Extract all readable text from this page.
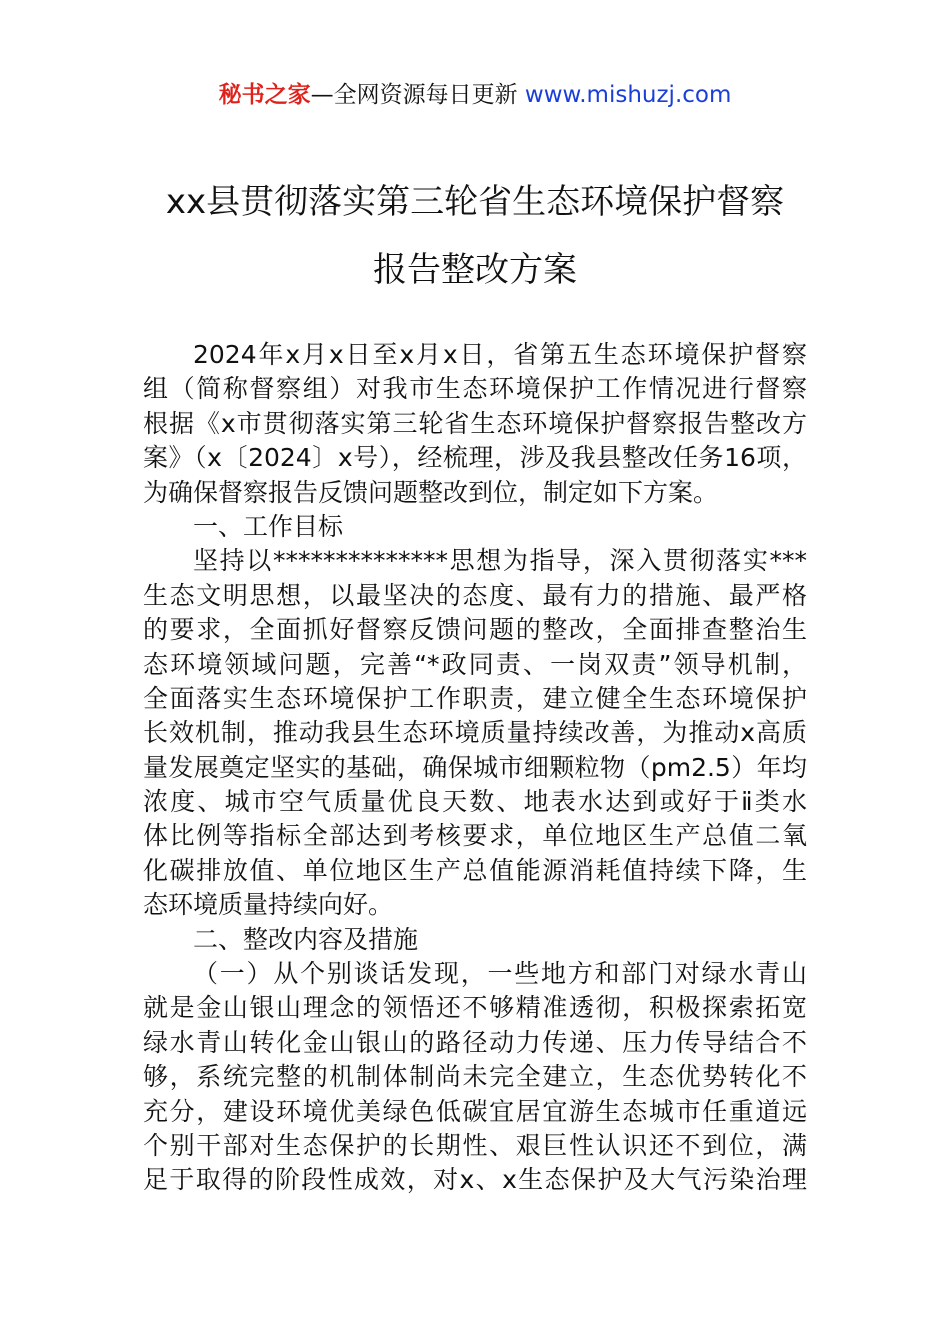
秘书之家—全网资源每日更新 www.mishuzj.com
xx县贯彻落实第三轮省生态环境保护督察
报告整改方案
2024年x月x日至x月x日，省第五生态环境保护督察
组（简称督察组）对我市生态环境保护工作情况进行督察
根据《x市贯彻落实第三轮省生态环境保护督察报告整改方
案》（x〔2024〕x号），经梳理，涉及我县整改任务16项，
为确保督察报告反馈问题整改到位，制定如下方案。
一、工作目标
坚持以**************思想为指导，深入贯彻落实***
生态文明思想，以最坚决的态度、最有力的措施、最严格
的要求，全面抓好督察反馈问题的整改，全面排查整治生
态环境领域问题，完善“*政同责、一岗双责”领导机制，
全面落实生态环境保护工作职责，建立健全生态环境保护
长效机制，推动我县生态环境质量持续改善，为推动x高质
量发展奠定坚实的基础，确保城市细颗粒物（pm2.5）年均
浓度、城市空气质量优良天数、地表水达到或好于ⅱ类水
体比例等指标全部达到考核要求，单位地区生产总值二氧
化碳排放值、单位地区生产总值能源消耗值持续下降，生
态环境质量持续向好。
二、整改内容及措施
（一）从个别谈话发现，一些地方和部门对绿水青山
就是金山银山理念的领悟还不够精准透彻，积极探索拓宽
绿水青山转化金山银山的路径动力传递、压力传导结合不
够，系统完整的机制体制尚未完全建立，生态优势转化不
充分，建设环境优美绿色低碳宜居宜游生态城市任重道远
个别干部对生态保护的长期性、艰巨性认识还不到位，满
足于取得的阶段性成效，对x、x生态保护及大气污染治理
